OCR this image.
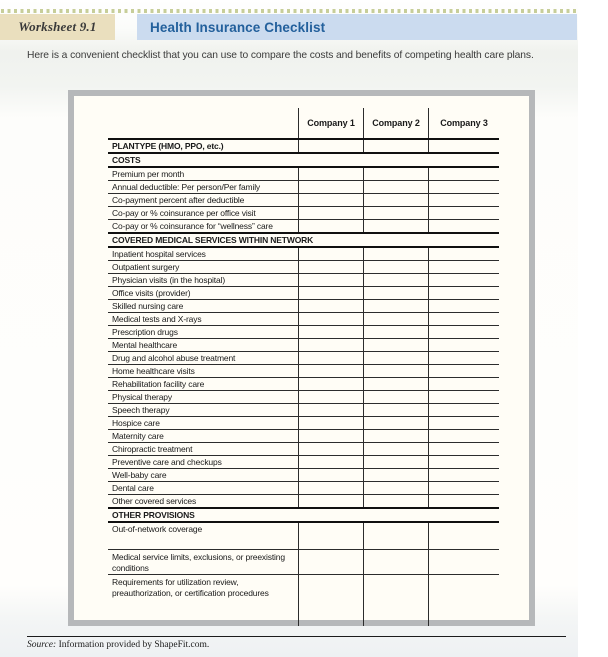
Worksheet 9.1	Health Insurance Checklist

Here is a convenient checklist that you can use to compare the costs and benefits of competing health care plans.

Company 1	Company 2	Company 3
PLANTYPE (HMO, PPO, etc.)
COSTS
Premium per month
Annual deductible: Per person/Per family
Co-payment percent after deductible
Co-pay or % coinsurance per office visit
Co-pay or % coinsurance for “wellness” care
COVERED MEDICAL SERVICES WITHIN NETWORK
Inpatient hospital services
Outpatient surgery
Physician visits (in the hospital)
Office visits (provider)
Skilled nursing care
Medical tests and X-rays
Prescription drugs
Mental healthcare
Drug and alcohol abuse treatment
Home healthcare visits
Rehabilitation facility care
Physical therapy
Speech therapy
Hospice care
Maternity care
Chiropractic treatment
Preventive care and checkups
Well-baby care
Dental care
Other covered services
OTHER PROVISIONS
Out-of-network coverage
Medical service limits, exclusions, or preexisting conditions
Requirements for utilization review, preauthorization, or certification procedures

Source: Information provided by ShapeFit.com.
